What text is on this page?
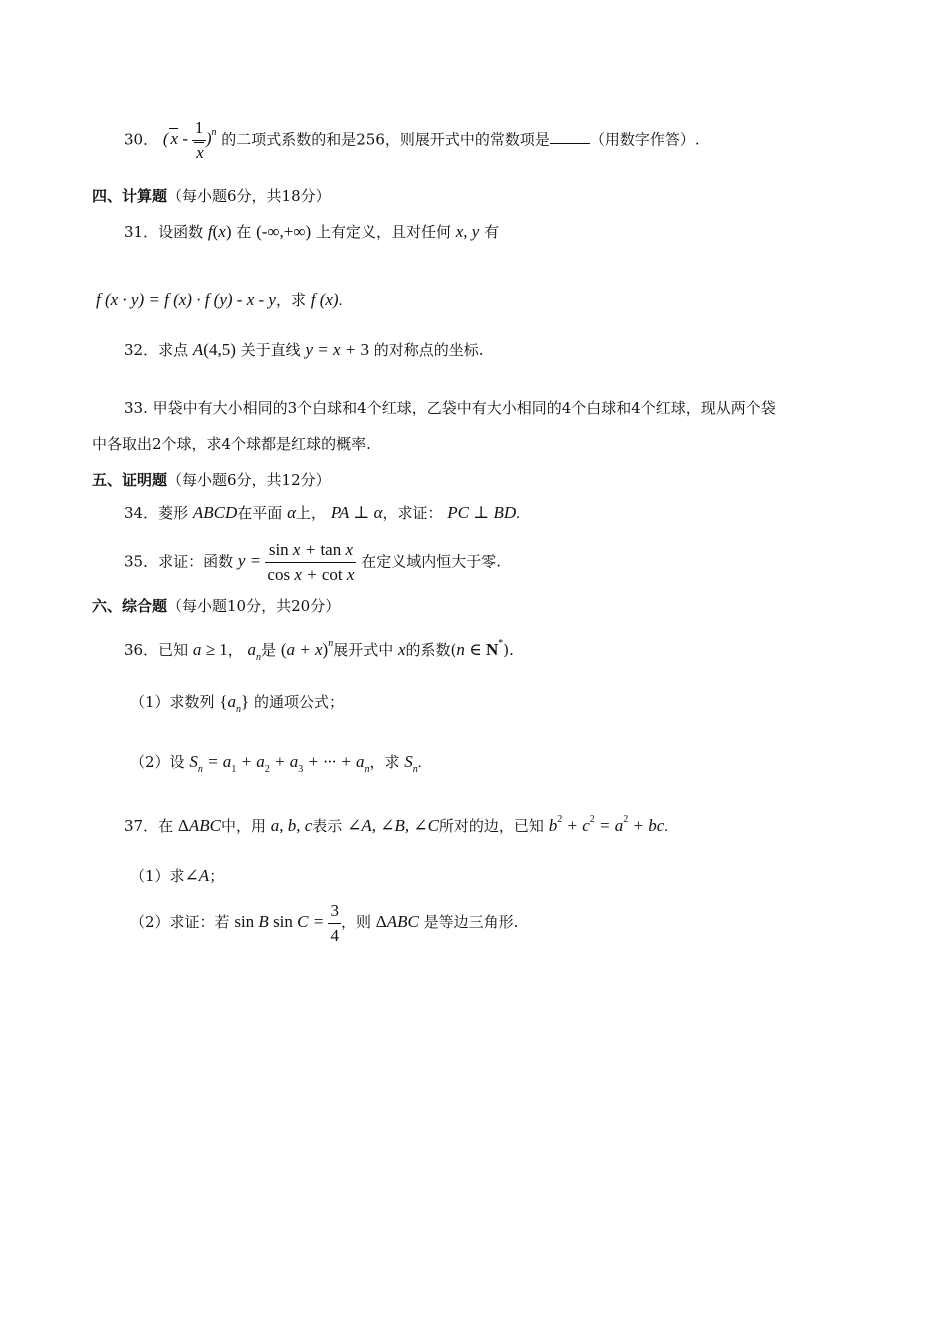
30． ( x - $\frac{1}{x} )^n$ 的二项式系数的和是256，则展开式中的常数项是	（用数字作答）.
四、计算题（每小题6分，共18分）
31．设函数 f(x) 在 (-∞,+∞) 上有定义，且对任何 x, y 有
f (x · y) = f (x) · f (y) - x - y，求 f (x).
32．求点 A(4,5) 关于直线 y = x + 3 的对称点的坐标.
33. 甲袋中有大小相同的3个白球和4个红球，乙袋中有大小相同的4个白球和4个红球，现从两个袋
中各取出2个球，求4个球都是红球的概率.
五、证明题（每小题6分，共12分）
34．菱形 ABCD在平面 α上， PA ⊥ α，求证： PC ⊥ BD.
35．求证：函数 $y = \frac{\text{sin x + tan x}}{\text{cos x + cot x}}$ 在定义域内恒大于零.
六、综合题（每小题10分，共20分）
36．已知 a ≥ 1， $a_n$是 $(a + x)^n$展开式中 x的系数(n ∈ N*).
（1）求数列 $\{a_n\}$ 的通项公式；
（2）设 $S_n = a_1 + a_2 + a_3$ + ··· + $a_n$，求 $S_n$.
37．在 ΔABC中，用 a, b, c表示 ∠A, ∠B, ∠C所对的边，已知 $b^2 + c^2 = a^2$ + bc.
（1）求∠A；
（2）求证：若 sin B $\sin C = \frac{3}{4}$ ，则 ΔABC 是等边三角形.
